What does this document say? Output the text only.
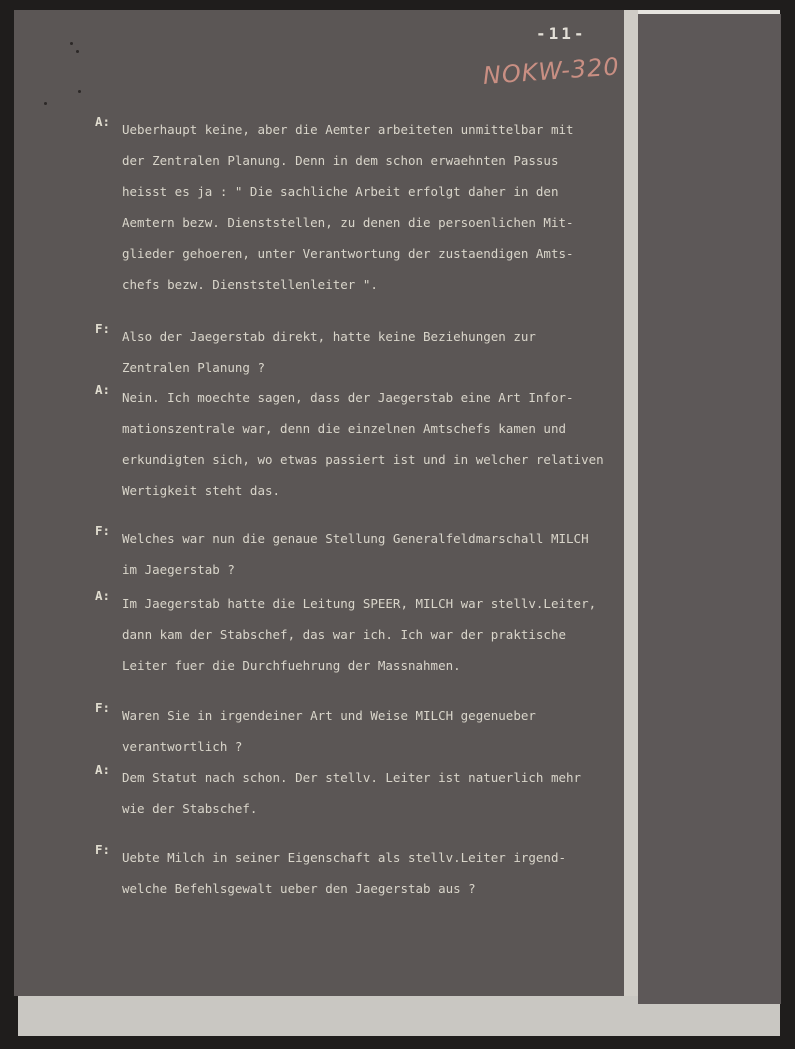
-11-

NOKW-320

A:
Ueberhaupt keine, aber die Aemter arbeiteten unmittelbar mit
der Zentralen Planung. Denn in dem schon erwaehnten Passus
heisst es ja : " Die sachliche Arbeit erfolgt daher in den
Aemtern bezw. Dienststellen, zu denen die persoenlichen Mit-
glieder gehoeren, unter Verantwortung der zustaendigen Amts-
chefs bezw. Dienststellenleiter ".
F:
Also der Jaegerstab direkt, hatte keine Beziehungen zur
Zentralen Planung ?
A:
Nein. Ich moechte sagen, dass der Jaegerstab eine Art Infor-
mationszentrale war, denn die einzelnen Amtschefs kamen und
erkundigten sich, wo etwas passiert ist und in welcher relativen
Wertigkeit steht das.
F:
Welches war nun die genaue Stellung Generalfeldmarschall MILCH
im Jaegerstab ?
A:
Im Jaegerstab hatte die Leitung SPEER, MILCH war stellv.Leiter,
dann kam der Stabschef, das war ich. Ich war der praktische
Leiter fuer die Durchfuehrung der Massnahmen.
F:
Waren Sie in irgendeiner Art und Weise MILCH gegenueber
verantwortlich ?
A:
Dem Statut nach schon. Der stellv. Leiter ist natuerlich mehr
wie der Stabschef.
F:
Uebte Milch in seiner Eigenschaft als stellv.Leiter irgend-
welche Befehlsgewalt ueber den Jaegerstab aus ?
